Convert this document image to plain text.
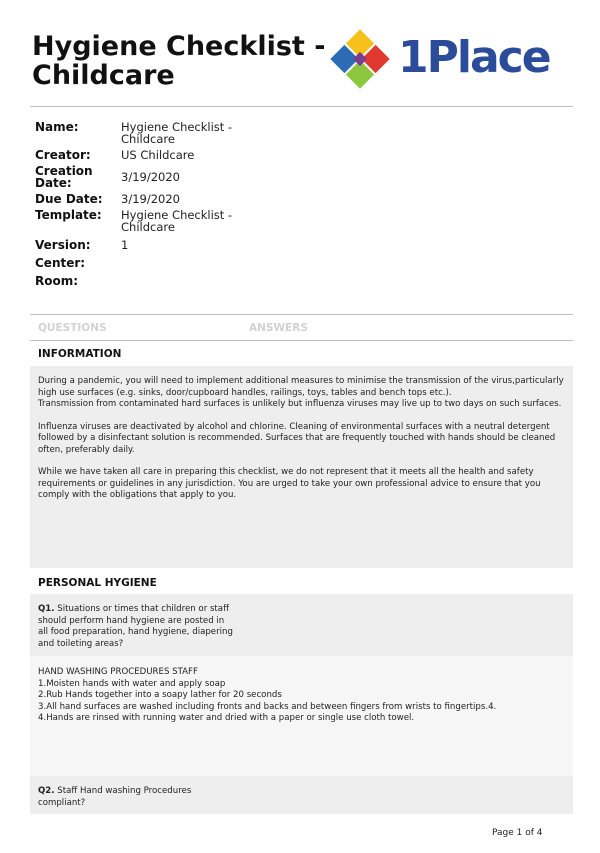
Hygiene Checklist -
Childcare	1Place
Name:	Hygiene Checklist -
Childcare
Creator:	US Childcare
Creation
Date:	3/19/2020
Due Date:	3/19/2020
Template:	Hygiene Checklist -
Childcare
Version:	1
Center:
Room:
QUESTIONS	ANSWERS
INFORMATION

During a pandemic, you will need to implement additional measures to minimise the transmission of the virus,particularly high use surfaces (e.g. sinks, door/cupboard handles, railings, toys, tables and bench tops etc.).
Transmission from contaminated hard surfaces is unlikely but influenza viruses may live up to two days on such surfaces.

Influenza viruses are deactivated by alcohol and chlorine. Cleaning of environmental surfaces with a neutral detergent followed by a disinfectant solution is recommended. Surfaces that are frequently touched with hands should be cleaned often, preferably daily.

While we have taken all care in preparing this checklist, we do not represent that it meets all the health and safety requirements or guidelines in any jurisdiction. You are urged to take your own professional advice to ensure that you comply with the obligations that apply to you.

PERSONAL HYGIENE
Q1. Situations or times that children or staff
should perform hand hygiene are posted in
all food preparation, hand hygiene, diapering
and toileting areas?

HAND WASHING PROCEDURES STAFF
1.Moisten hands with water and apply soap
2.Rub Hands together into a soapy lather for 20 seconds
3.All hand surfaces are washed including fronts and backs and between fingers from wrists to fingertips.4.
4.Hands are rinsed with running water and dried with a paper or single use cloth towel.

Q2. Staff Hand washing Procedures
compliant?
Page 1 of 4
